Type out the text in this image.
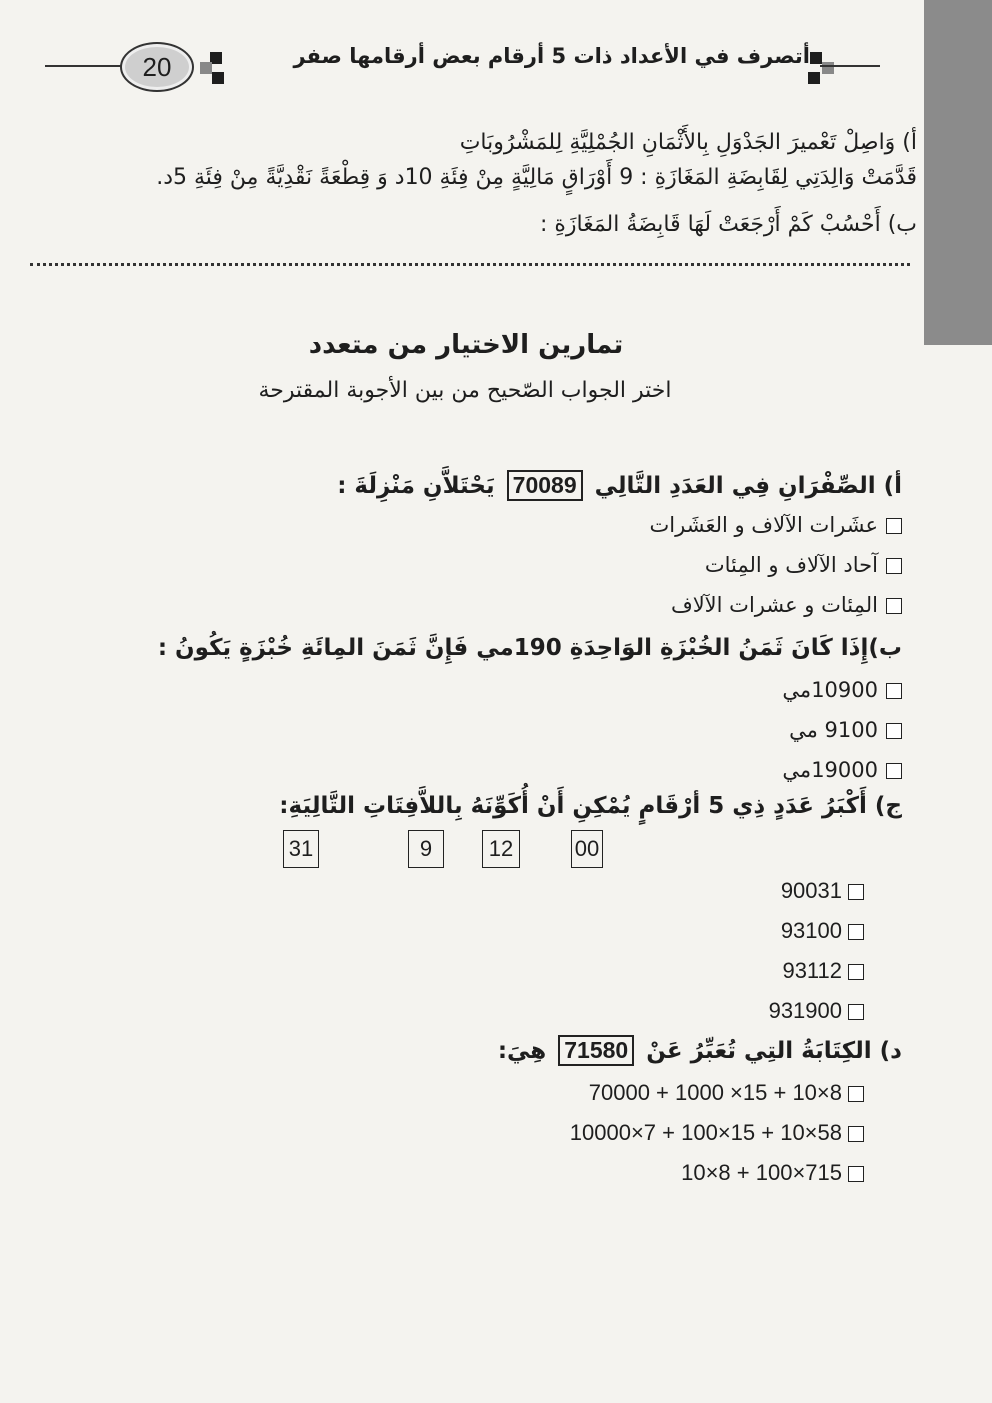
20	أتصرف في الأعداد ذات 5 أرقام بعض أرقامها صفر
أ) وَاصِلْ تَعْميرَ الجَدْوَلِ بِالأَثْمَانِ الجُمْلِيَّةِ لِلمَشْرُوبَاتِ
قَدَّمَتْ وَالِدَتِي لِقَابِضَةِ المَغَازَةِ : 9 أَوْرَاقٍ مَالِيَّةٍ مِنْ فِئَةِ 10د وَ قِطْعَةً نَقْدِيَّةً مِنْ فِئَةِ 5د.
ب) أَحْسُبْ كَمْ أَرْجَعَتْ لَهَا قَابِضَةُ المَغَازَةِ :
تمارين الاختيار من متعدد
اختر الجواب الصّحيح من بين الأجوبة المقترحة
أ) الصِّفْرَانِ فِي العَدَدِ التَّالِي 70089 يَحْتَلاَّنِ مَنْزِلَةَ :
عشَرات الآلاف و العَشَرات
آحاد الآلاف و المِئات
المِئات و عشرات الآلاف
ب)إِذَا كَانَ ثَمَنُ الخُبْزَةِ الوَاحِدَةِ 190مي فَإِنَّ ثَمَنَ المِائَةِ خُبْزَةٍ يَكُونُ :
10900مي
9100 مي
19000مي
ج) أَكْبَرُ عَدَدٍ ذِي 5 أرْقَامٍ يُمْكِنِ أَنْ أُكَوِّنَهُ بِاللاَّفِتَاتِ التَّالِيَةِ:
31	9	12	00
90031
93100
93112
931900
د) الكِتَابَةُ التِي تُعَبِّرُ عَنْ 71580 هِيَ:
70000 + 1000 ×15 + 10×8
10000×7 + 100×15 + 10×58
10×8 + 100×715
